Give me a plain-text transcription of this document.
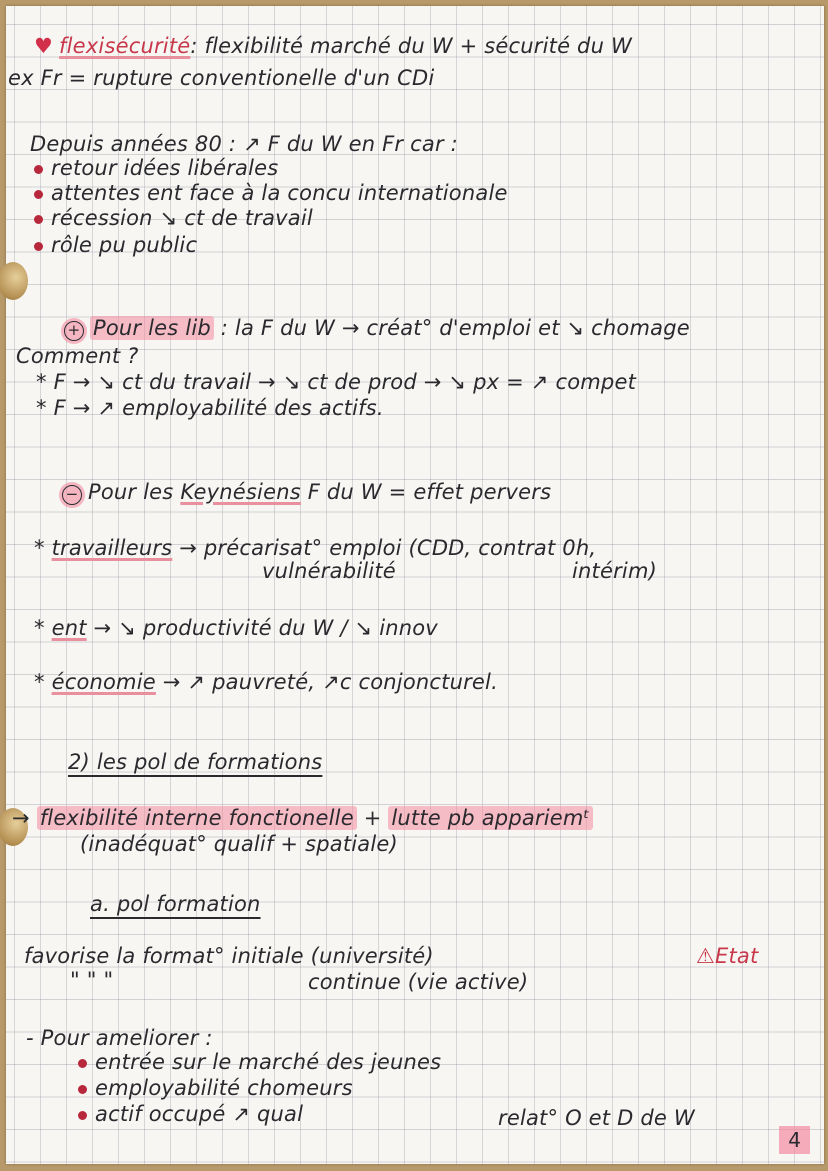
♥ flexisécurité: flexibilité marché du W + sécurité du W
ex Fr = rupture conventionelle d'un CDi
Depuis années 80 : ↗ F du W en Fr car :
retour idées libérales
attentes ent face à la concu internationale
récession ↘ ct de travail
rôle pu public
+ Pour les lib : la F du W → créat° d'emploi et ↘ chomage
Comment ?
* F → ↘ ct du travail → ↘ ct de prod → ↘ px = ↗ compet
* F → ↗ employabilité des actifs.
− Pour les Keynésiens F du W = effet pervers
* travailleurs → précarisat° emploi (CDD, contrat 0h,
vulnérabilité	intérim)
* ent → ↘ productivité du W / ↘ innov
* économie → ↗ pauvreté, ↗c conjoncturel.
2) les pol de formations
→ flexibilité interne fonctionelle + lutte pb appariemᵗ
(inadéquat° qualif + spatiale)
a. pol formation
favorise la format° initiale (université)	⚠Etat
" " "	continue (vie active)
- Pour ameliorer :
entrée sur le marché des jeunes
employabilité chomeurs
actif occupé ↗ qual	relat° O et D de W
4
